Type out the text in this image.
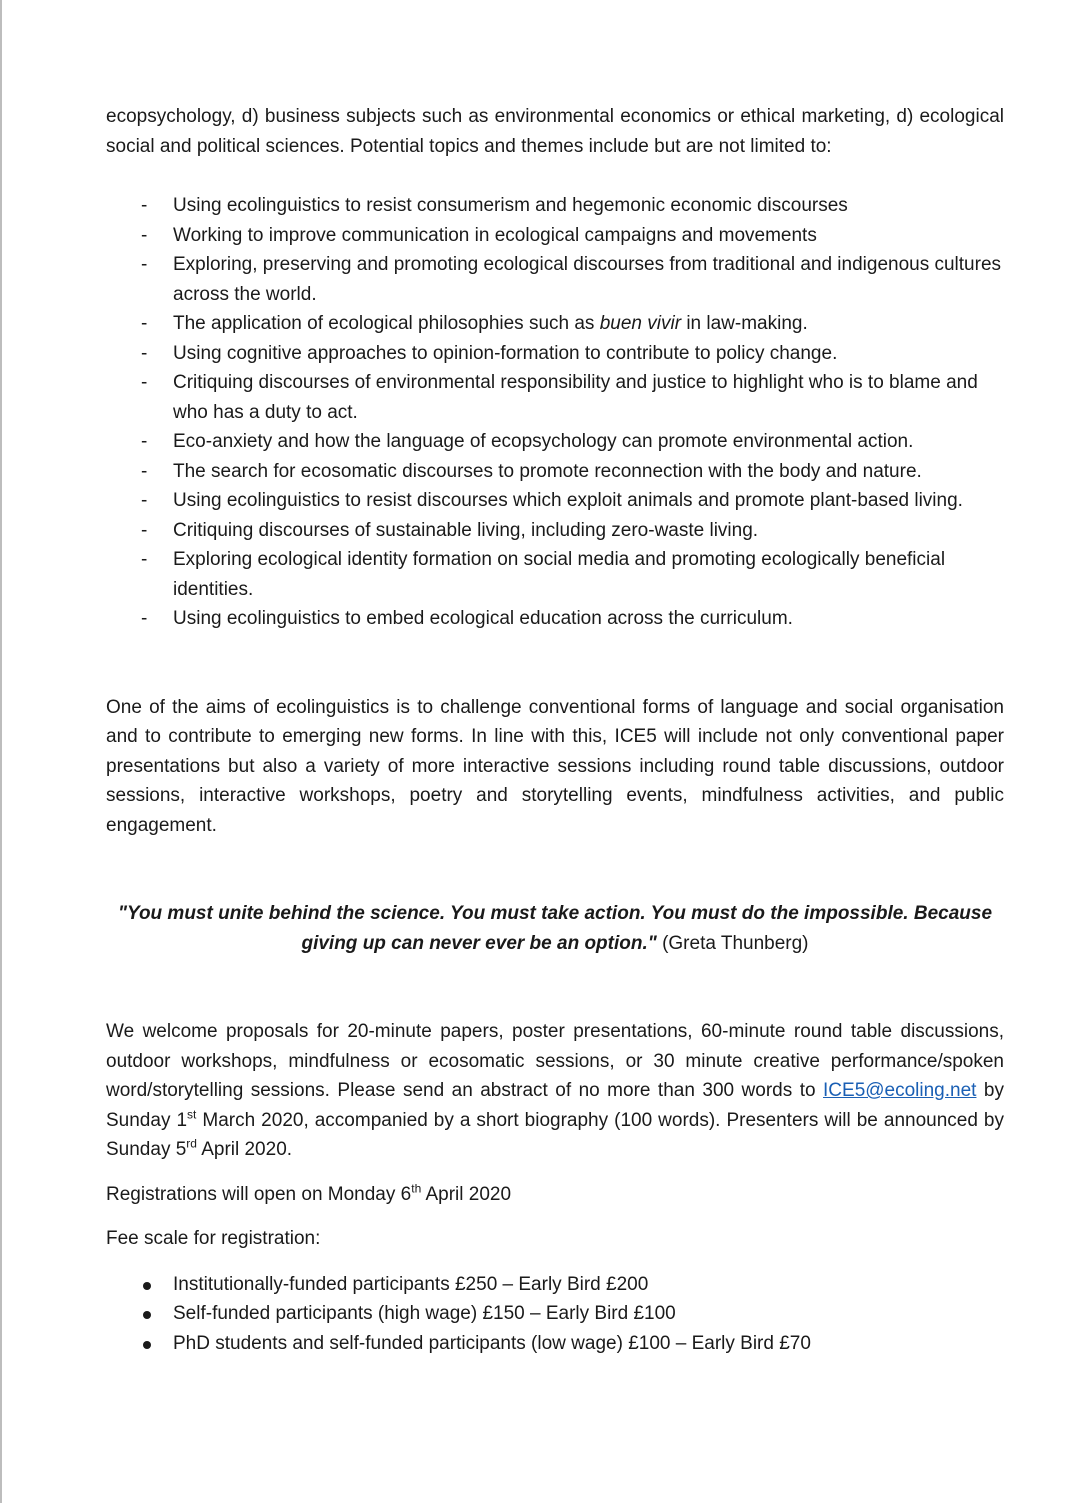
ecopsychology, d) business subjects such as environmental economics or ethical marketing, d) ecological social and political sciences. Potential topics and themes include but are not limited to:

- Using ecolinguistics to resist consumerism and hegemonic economic discourses
- Working to improve communication in ecological campaigns and movements
- Exploring, preserving and promoting ecological discourses from traditional and indigenous cultures across the world.
- The application of ecological philosophies such as buen vivir in law-making.
- Using cognitive approaches to opinion-formation to contribute to policy change.
- Critiquing discourses of environmental responsibility and justice to highlight who is to blame and who has a duty to act.
- Eco-anxiety and how the language of ecopsychology can promote environmental action.
- The search for ecosomatic discourses to promote reconnection with the body and nature.
- Using ecolinguistics to resist discourses which exploit animals and promote plant-based living.
- Critiquing discourses of sustainable living, including zero-waste living.
- Exploring ecological identity formation on social media and promoting ecologically beneficial identities.
- Using ecolinguistics to embed ecological education across the curriculum.

One of the aims of ecolinguistics is to challenge conventional forms of language and social organisation and to contribute to emerging new forms. In line with this, ICE5 will include not only conventional paper presentations but also a variety of more interactive sessions including round table discussions, outdoor sessions, interactive workshops, poetry and storytelling events, mindfulness activities, and public engagement.

"You must unite behind the science. You must take action. You must do the impossible. Because giving up can never ever be an option." (Greta Thunberg)

We welcome proposals for 20-minute papers, poster presentations, 60-minute round table discussions, outdoor workshops, mindfulness or ecosomatic sessions, or 30 minute creative performance/spoken word/storytelling sessions. Please send an abstract of no more than 300 words to ICE5@ecoling.net by Sunday 1st March 2020, accompanied by a short biography (100 words). Presenters will be announced by Sunday 5rd April 2020.

Registrations will open on Monday 6th April 2020

Fee scale for registration:

Institutionally-funded participants £250 – Early Bird £200
Self-funded participants (high wage) £150 – Early Bird £100
PhD students and self-funded participants (low wage) £100 – Early Bird £70
